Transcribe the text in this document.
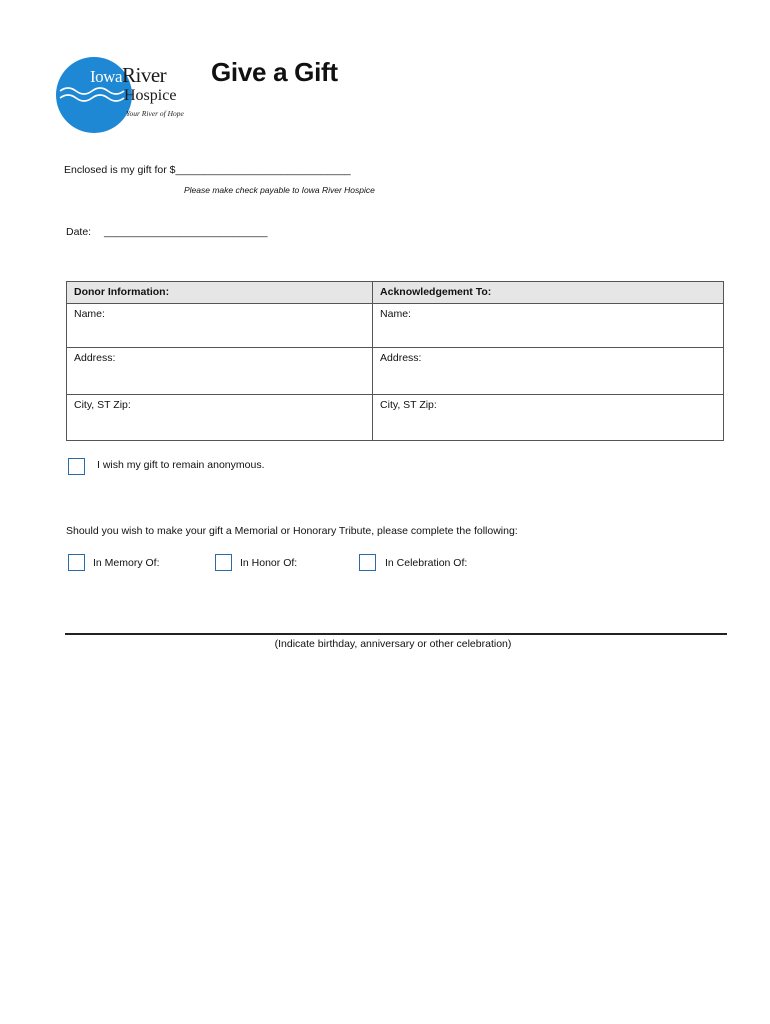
Iowa River
Hospice
Your River of Hope
Give a Gift
Enclosed is my gift for $______________________________
Please make check payable to Iowa River Hospice
Date: ____________________________
Donor Information:	Acknowledgement To:
Name:	Name:
Address:	Address:
City, ST Zip:	City, ST Zip:
I wish my gift to remain anonymous.
Should you wish to make your gift a Memorial or Honorary Tribute, please complete the following:
In Memory Of:	In Honor Of:	In Celebration Of:
(Indicate birthday, anniversary or other celebration)
